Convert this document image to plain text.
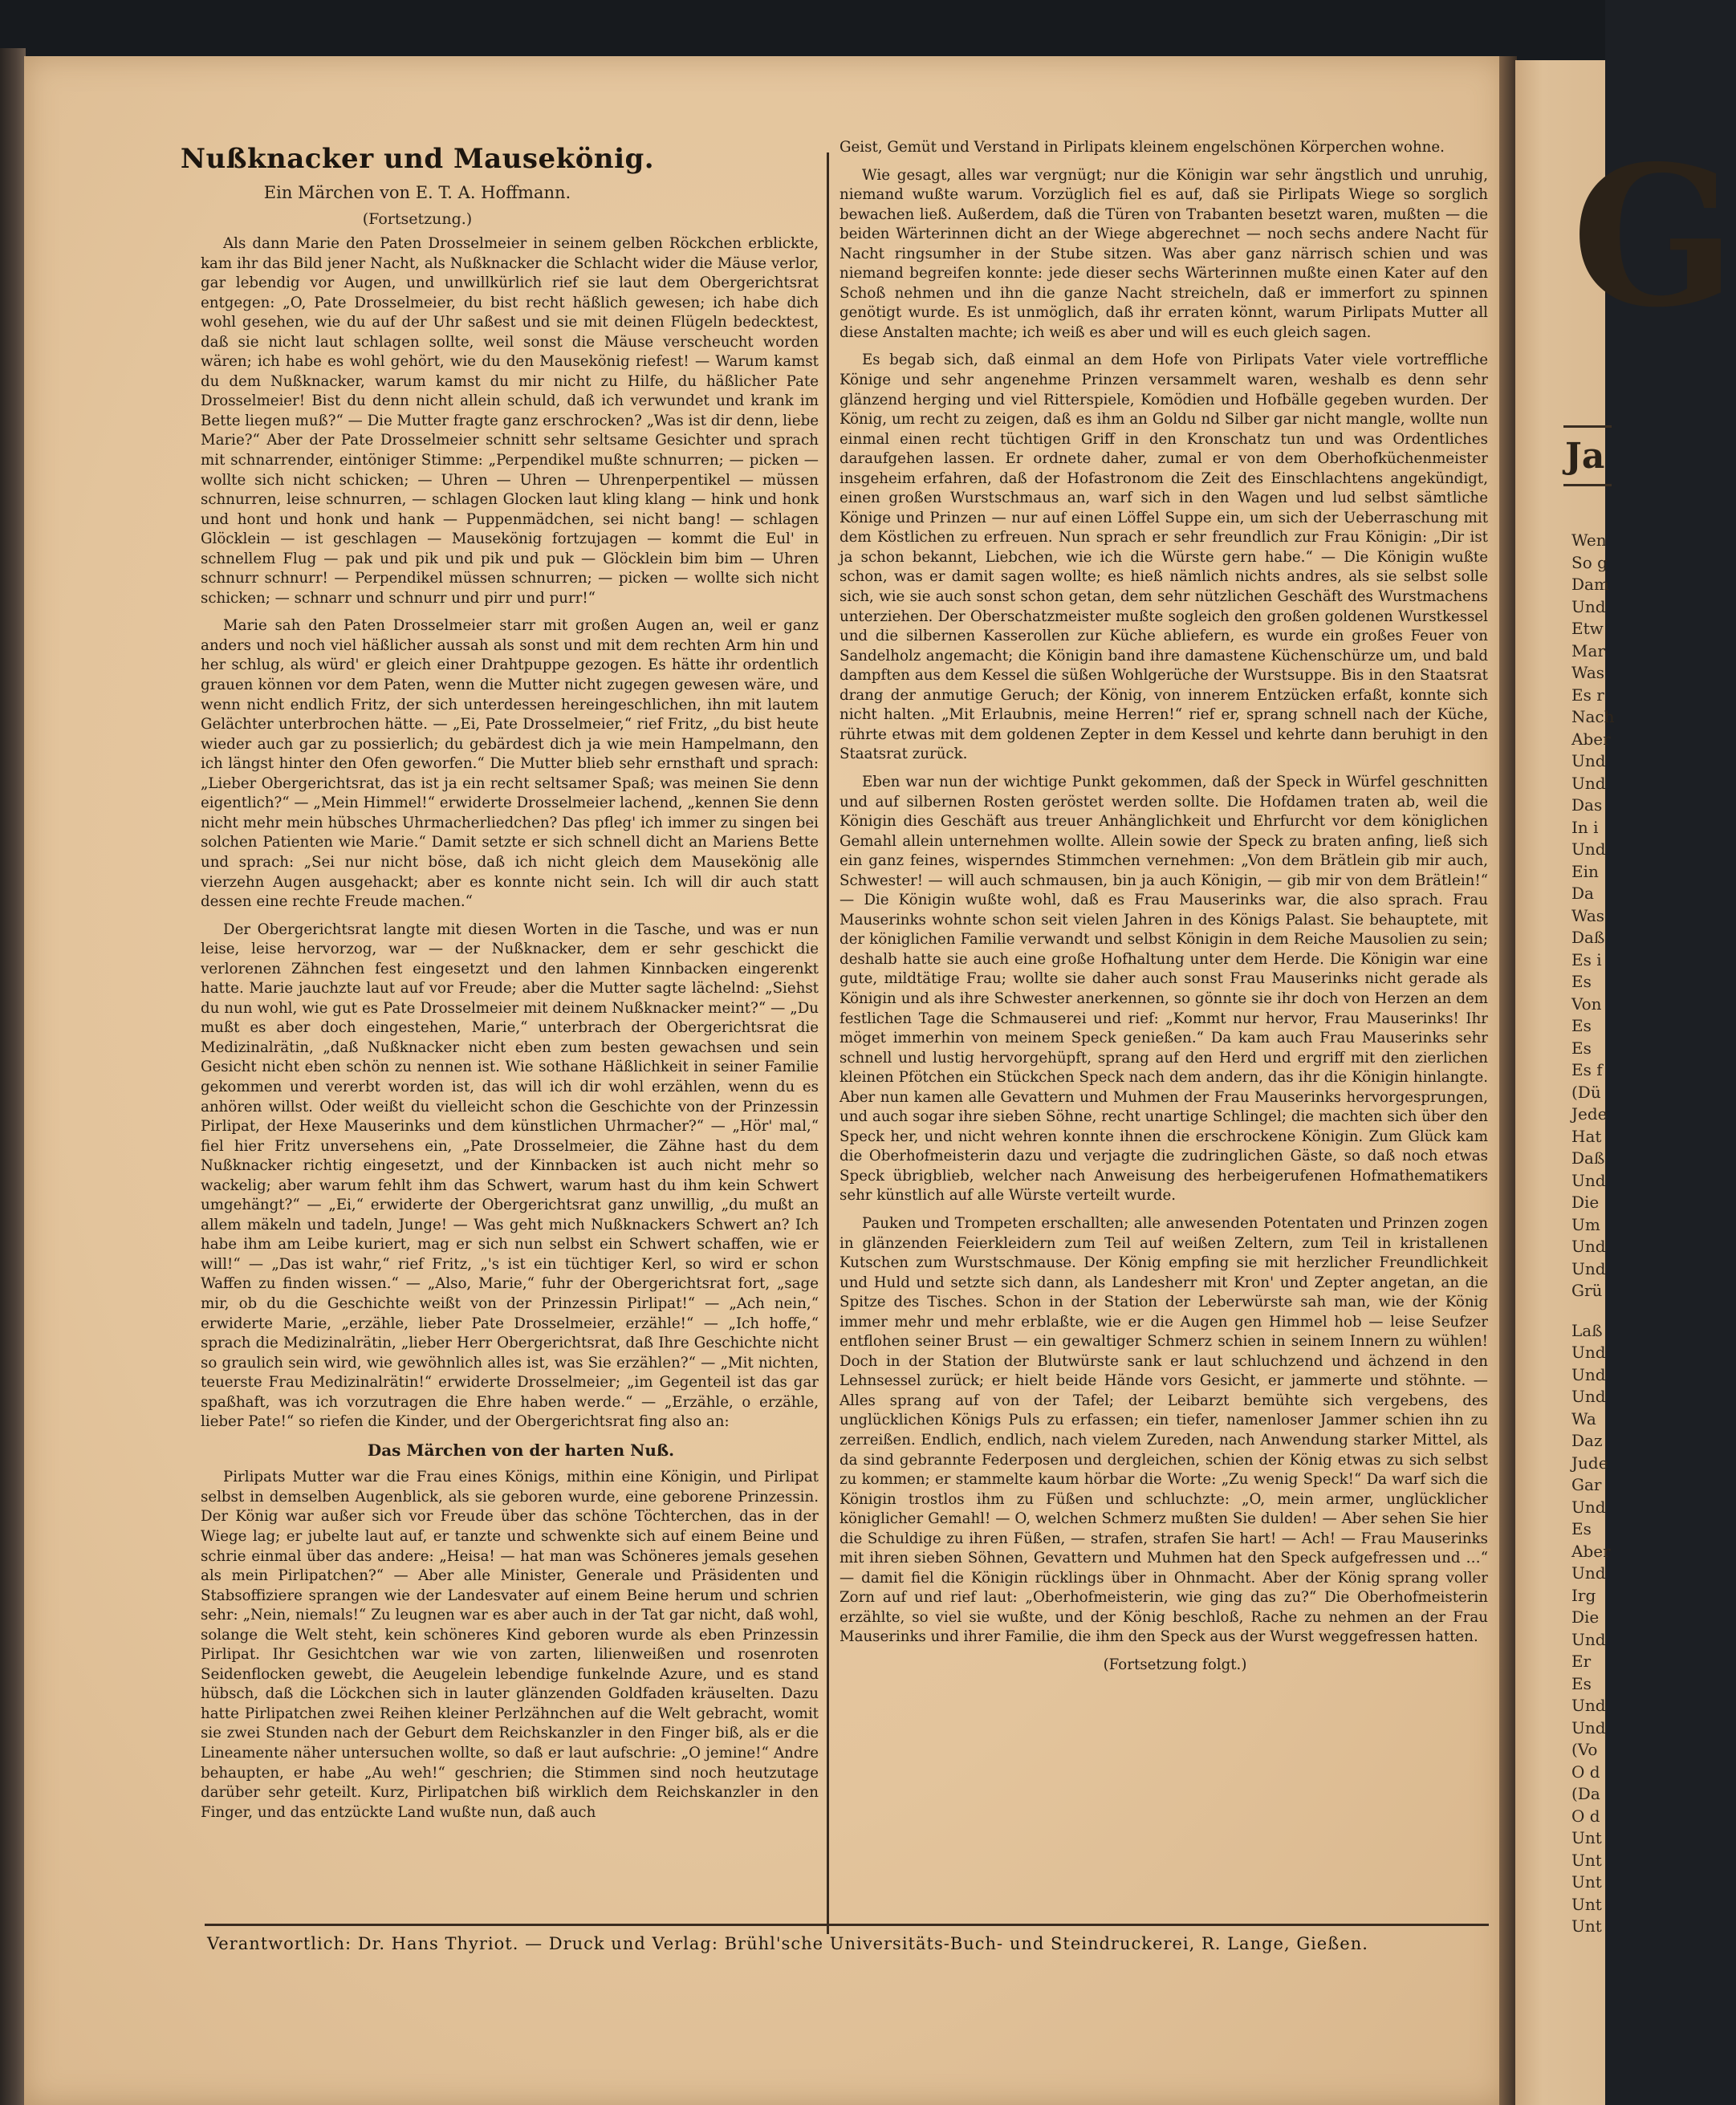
Nußknacker und Mausekönig.
Ein Märchen von E. T. A. Hoffmann.
(Fortsetzung.)

Als dann Marie den Paten Drosselmeier in seinem gelben Röckchen erblickte, kam ihr das Bild jener Nacht, als Nußknacker die Schlacht wider die Mäuse verlor, gar lebendig vor Augen, und unwillkürlich rief sie laut dem Obergerichtsrat entgegen: „O, Pate Drosselmeier, du bist recht häßlich gewesen; ich habe dich wohl gesehen, wie du auf der Uhr saßest und sie mit deinen Flügeln bedecktest, daß sie nicht laut schlagen sollte, weil sonst die Mäuse verscheucht worden wären; ich habe es wohl gehört, wie du den Mausekönig riefest! — Warum kamst du dem Nußknacker, warum kamst du mir nicht zu Hilfe, du häßlicher Pate Drosselmeier! Bist du denn nicht allein schuld, daß ich verwundet und krank im Bette liegen muß?“ — Die Mutter fragte ganz erschrocken? „Was ist dir denn, liebe Marie?“ Aber der Pate Drosselmeier schnitt sehr seltsame Gesichter und sprach mit schnarrender, eintöniger Stimme: „Perpendikel mußte schnurren; — picken — wollte sich nicht schicken; — Uhren — Uhren — Uhrenperpentikel — müssen schnurren, leise schnurren, — schlagen Glocken laut kling klang — hink und honk und hont und honk und hank — Puppenmädchen, sei nicht bang! — schlagen Glöcklein — ist geschlagen — Mausekönig fortzujagen — kommt die Eul' in schnellem Flug — pak und pik und pik und puk — Glöcklein bim bim — Uhren schnurr schnurr! — Perpendikel müssen schnurren; — picken — wollte sich nicht schicken; — schnarr und schnurr und pirr und purr!“

Marie sah den Paten Drosselmeier starr mit großen Augen an, weil er ganz anders und noch viel häßlicher aussah als sonst und mit dem rechten Arm hin und her schlug, als würd' er gleich einer Drahtpuppe gezogen. Es hätte ihr ordentlich grauen können vor dem Paten, wenn die Mutter nicht zugegen gewesen wäre, und wenn nicht endlich Fritz, der sich unterdessen hereingeschlichen, ihn mit lautem Gelächter unterbrochen hätte. — „Ei, Pate Drosselmeier,“ rief Fritz, „du bist heute wieder auch gar zu possierlich; du gebärdest dich ja wie mein Hampelmann, den ich längst hinter den Ofen geworfen.“ Die Mutter blieb sehr ernsthaft und sprach: „Lieber Obergerichtsrat, das ist ja ein recht seltsamer Spaß; was meinen Sie denn eigentlich?“ — „Mein Himmel!“ erwiderte Drosselmeier lachend, „kennen Sie denn nicht mehr mein hübsches Uhrmacherliedchen? Das pfleg' ich immer zu singen bei solchen Patienten wie Marie.“ Damit setzte er sich schnell dicht an Mariens Bette und sprach: „Sei nur nicht böse, daß ich nicht gleich dem Mausekönig alle vierzehn Augen ausgehackt; aber es konnte nicht sein. Ich will dir auch statt dessen eine rechte Freude machen.“

Der Obergerichtsrat langte mit diesen Worten in die Tasche, und was er nun leise, leise hervorzog, war — der Nußknacker, dem er sehr geschickt die verlorenen Zähnchen fest eingesetzt und den lahmen Kinnbacken eingerenkt hatte. Marie jauchzte laut auf vor Freude; aber die Mutter sagte lächelnd: „Siehst du nun wohl, wie gut es Pate Drosselmeier mit deinem Nußknacker meint?“ — „Du mußt es aber doch eingestehen, Marie,“ unterbrach der Obergerichtsrat die Medizinalrätin, „daß Nußknacker nicht eben zum besten gewachsen und sein Gesicht nicht eben schön zu nennen ist. Wie sothane Häßlichkeit in seiner Familie gekommen und vererbt worden ist, das will ich dir wohl erzählen, wenn du es anhören willst. Oder weißt du vielleicht schon die Geschichte von der Prinzessin Pirlipat, der Hexe Mauserinks und dem künstlichen Uhrmacher?“ — „Hör' mal,“ fiel hier Fritz unversehens ein, „Pate Drosselmeier, die Zähne hast du dem Nußknacker richtig eingesetzt, und der Kinnbacken ist auch nicht mehr so wackelig; aber warum fehlt ihm das Schwert, warum hast du ihm kein Schwert umgehängt?“ — „Ei,“ erwiderte der Obergerichtsrat ganz unwillig, „du mußt an allem mäkeln und tadeln, Junge! — Was geht mich Nußknackers Schwert an? Ich habe ihm am Leibe kuriert, mag er sich nun selbst ein Schwert schaffen, wie er will!“ — „Das ist wahr,“ rief Fritz, „'s ist ein tüchtiger Kerl, so wird er schon Waffen zu finden wissen.“ — „Also, Marie,“ fuhr der Obergerichtsrat fort, „sage mir, ob du die Geschichte weißt von der Prinzessin Pirlipat!“ — „Ach nein,“ erwiderte Marie, „erzähle, lieber Pate Drosselmeier, erzähle!“ — „Ich hoffe,“ sprach die Medizinalrätin, „lieber Herr Obergerichtsrat, daß Ihre Geschichte nicht so graulich sein wird, wie gewöhnlich alles ist, was Sie erzählen?“ — „Mit nichten, teuerste Frau Medizinalrätin!“ erwiderte Drosselmeier; „im Gegenteil ist das gar spaßhaft, was ich vorzutragen die Ehre haben werde.“ — „Erzähle, o erzähle, lieber Pate!“ so riefen die Kinder, und der Obergerichtsrat fing also an:

Das Märchen von der harten Nuß.

Pirlipats Mutter war die Frau eines Königs, mithin eine Königin, und Pirlipat selbst in demselben Augenblick, als sie geboren wurde, eine geborene Prinzessin. Der König war außer sich vor Freude über das schöne Töchterchen, das in der Wiege lag; er jubelte laut auf, er tanzte und schwenkte sich auf einem Beine und schrie einmal über das andere: „Heisa! — hat man was Schöneres jemals gesehen als mein Pirlipatchen?“ — Aber alle Minister, Generale und Präsidenten und Stabsoffiziere sprangen wie der Landesvater auf einem Beine herum und schrien sehr: „Nein, niemals!“ Zu leugnen war es aber auch in der Tat gar nicht, daß wohl, solange die Welt steht, kein schöneres Kind geboren wurde als eben Prinzessin Pirlipat. Ihr Gesichtchen war wie von zarten, lilienweißen und rosenroten Seidenflocken gewebt, die Aeugelein lebendige funkelnde Azure, und es stand hübsch, daß die Löckchen sich in lauter glänzenden Goldfaden kräuselten. Dazu hatte Pirlipatchen zwei Reihen kleiner Perlzähnchen auf die Welt gebracht, womit sie zwei Stunden nach der Geburt dem Reichskanzler in den Finger biß, als er die Lineamente näher untersuchen wollte, so daß er laut aufschrie: „O jemine!“ Andre behaupten, er habe „Au weh!“ geschrien; die Stimmen sind noch heutzutage darüber sehr geteilt. Kurz, Pirlipatchen biß wirklich dem Reichskanzler in den Finger, und das entzückte Land wußte nun, daß auch

Geist, Gemüt und Verstand in Pirlipats kleinem engelschönen Körperchen wohne.

Wie gesagt, alles war vergnügt; nur die Königin war sehr ängstlich und unruhig, niemand wußte warum. Vorzüglich fiel es auf, daß sie Pirlipats Wiege so sorglich bewachen ließ. Außerdem, daß die Türen von Trabanten besetzt waren, mußten — die beiden Wärterinnen dicht an der Wiege abgerechnet — noch sechs andere Nacht für Nacht ringsumher in der Stube sitzen. Was aber ganz närrisch schien und was niemand begreifen konnte: jede dieser sechs Wärterinnen mußte einen Kater auf den Schoß nehmen und ihn die ganze Nacht streicheln, daß er immerfort zu spinnen genötigt wurde. Es ist unmöglich, daß ihr erraten könnt, warum Pirlipats Mutter all diese Anstalten machte; ich weiß es aber und will es euch gleich sagen.

Es begab sich, daß einmal an dem Hofe von Pirlipats Vater viele vortreffliche Könige und sehr angenehme Prinzen versammelt waren, weshalb es denn sehr glänzend herging und viel Ritterspiele, Komödien und Hofbälle gegeben wurden. Der König, um recht zu zeigen, daß es ihm an Goldu nd Silber gar nicht mangle, wollte nun einmal einen recht tüchtigen Griff in den Kronschatz tun und was Ordentliches daraufgehen lassen. Er ordnete daher, zumal er von dem Oberhofküchenmeister insgeheim erfahren, daß der Hofastronom die Zeit des Einschlachtens angekündigt, einen großen Wurstschmaus an, warf sich in den Wagen und lud selbst sämtliche Könige und Prinzen — nur auf einen Löffel Suppe ein, um sich der Ueberraschung mit dem Köstlichen zu erfreuen. Nun sprach er sehr freundlich zur Frau Königin: „Dir ist ja schon bekannt, Liebchen, wie ich die Würste gern habe.“ — Die Königin wußte schon, was er damit sagen wollte; es hieß nämlich nichts andres, als sie selbst solle sich, wie sie auch sonst schon getan, dem sehr nützlichen Geschäft des Wurstmachens unterziehen. Der Oberschatzmeister mußte sogleich den großen goldenen Wurstkessel und die silbernen Kasserollen zur Küche abliefern, es wurde ein großes Feuer von Sandelholz angemacht; die Königin band ihre damastene Küchenschürze um, und bald dampften aus dem Kessel die süßen Wohlgerüche der Wurstsuppe. Bis in den Staatsrat drang der anmutige Geruch; der König, von innerem Entzücken erfaßt, konnte sich nicht halten. „Mit Erlaubnis, meine Herren!“ rief er, sprang schnell nach der Küche, rührte etwas mit dem goldenen Zepter in dem Kessel und kehrte dann beruhigt in den Staatsrat zurück.

Eben war nun der wichtige Punkt gekommen, daß der Speck in Würfel geschnitten und auf silbernen Rosten geröstet werden sollte. Die Hofdamen traten ab, weil die Königin dies Geschäft aus treuer Anhänglichkeit und Ehrfurcht vor dem königlichen Gemahl allein unternehmen wollte. Allein sowie der Speck zu braten anfing, ließ sich ein ganz feines, wisperndes Stimmchen vernehmen: „Von dem Brätlein gib mir auch, Schwester! — will auch schmausen, bin ja auch Königin, — gib mir von dem Brätlein!“ — Die Königin wußte wohl, daß es Frau Mauserinks war, die also sprach. Frau Mauserinks wohnte schon seit vielen Jahren in des Königs Palast. Sie behauptete, mit der königlichen Familie verwandt und selbst Königin in dem Reiche Mausolien zu sein; deshalb hatte sie auch eine große Hofhaltung unter dem Herde. Die Königin war eine gute, mildtätige Frau; wollte sie daher auch sonst Frau Mauserinks nicht gerade als Königin und als ihre Schwester anerkennen, so gönnte sie ihr doch von Herzen an dem festlichen Tage die Schmauserei und rief: „Kommt nur hervor, Frau Mauserinks! Ihr möget immerhin von meinem Speck genießen.“ Da kam auch Frau Mauserinks sehr schnell und lustig hervorgehüpft, sprang auf den Herd und ergriff mit den zierlichen kleinen Pfötchen ein Stückchen Speck nach dem andern, das ihr die Königin hinlangte. Aber nun kamen alle Gevattern und Muhmen der Frau Mauserinks hervorgesprungen, und auch sogar ihre sieben Söhne, recht unartige Schlingel; die machten sich über den Speck her, und nicht wehren konnte ihnen die erschrockene Königin. Zum Glück kam die Oberhofmeisterin dazu und verjagte die zudringlichen Gäste, so daß noch etwas Speck übrigblieb, welcher nach Anweisung des herbeigerufenen Hofmathematikers sehr künstlich auf alle Würste verteilt wurde.

Pauken und Trompeten erschallten; alle anwesenden Potentaten und Prinzen zogen in glänzenden Feierkleidern zum Teil auf weißen Zeltern, zum Teil in kristallenen Kutschen zum Wurstschmause. Der König empfing sie mit herzlicher Freundlichkeit und Huld und setzte sich dann, als Landesherr mit Kron' und Zepter angetan, an die Spitze des Tisches. Schon in der Station der Leberwürste sah man, wie der König immer mehr und mehr erblaßte, wie er die Augen gen Himmel hob — leise Seufzer entflohen seiner Brust — ein gewaltiger Schmerz schien in seinem Innern zu wühlen! Doch in der Station der Blutwürste sank er laut schluchzend und ächzend in den Lehnsessel zurück; er hielt beide Hände vors Gesicht, er jammerte und stöhnte. — Alles sprang auf von der Tafel; der Leibarzt bemühte sich vergebens, des unglücklichen Königs Puls zu erfassen; ein tiefer, namenloser Jammer schien ihn zu zerreißen. Endlich, endlich, nach vielem Zureden, nach Anwendung starker Mittel, als da sind gebrannte Federposen und dergleichen, schien der König etwas zu sich selbst zu kommen; er stammelte kaum hörbar die Worte: „Zu wenig Speck!“ Da warf sich die Königin trostlos ihm zu Füßen und schluchzte: „O, mein armer, unglücklicher königlicher Gemahl! — O, welchen Schmerz mußten Sie dulden! — Aber sehen Sie hier die Schuldige zu ihren Füßen, — strafen, strafen Sie hart! — Ach! — Frau Mauserinks mit ihren sieben Söhnen, Gevattern und Muhmen hat den Speck aufgefressen und …“ — damit fiel die Königin rücklings über in Ohnmacht. Aber der König sprang voller Zorn auf und rief laut: „Oberhofmeisterin, wie ging das zu?“ Die Oberhofmeisterin erzählte, so viel sie wußte, und der König beschloß, Rache zu nehmen an der Frau Mauserinks und ihrer Familie, die ihm den Speck aus der Wurst weggefressen hatten.

(Fortsetzung folgt.)

Verantwortlich: Dr. Hans Thyriot. — Druck und Verlag: Brühl'sche Universitäts-Buch- und Steindruckerei, R. Lange, Gießen.
G
Ja
Wen
So g
Dam
Und
Etw
Mar
Was
Es r
Nach
Aber
Und
Und
Das
In i
Und
Ein
Da
Was
Daß
Es i
Es
Von
Es
Es
Es f
(Dü
Jede
Hat
Daß
Und
Die
Um
Und
Und
Grü
Laß
Und
Und
Und
Wa
Daz
Jude
Gar
Und
Es
Aber
Und
Irg
Die
Und
Er
Es
Und
Und
(Vo
O d
(Da
O d
Unt
Unt
Unt
Unt
Unt
